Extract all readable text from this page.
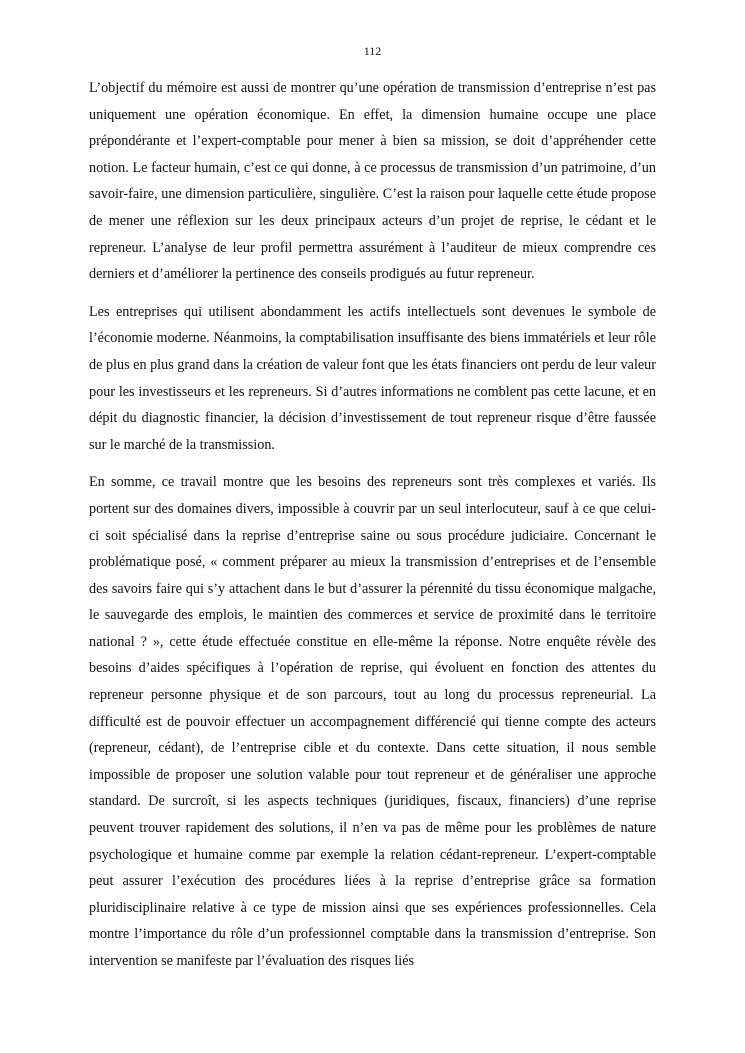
112

L’objectif du mémoire est aussi de montrer qu’une opération de transmission d’entreprise n’est pas uniquement une opération économique. En effet, la dimension humaine occupe une place prépondérante et l’expert-comptable pour mener à bien sa mission, se doit d’appréhender cette notion. Le facteur humain, c’est ce qui donne, à ce processus de transmission d’un patrimoine, d’un savoir-faire, une dimension particulière, singulière. C’est la raison pour laquelle cette étude propose de mener une réflexion sur les deux principaux acteurs d’un projet de reprise, le cédant et le repreneur. L’analyse de leur profil permettra assurément à l’auditeur de mieux comprendre ces derniers et d’améliorer la pertinence des conseils prodigués au futur repreneur.

Les entreprises qui utilisent abondamment les actifs intellectuels sont devenues le symbole de l’économie moderne. Néanmoins, la comptabilisation insuffisante des biens immatériels et leur rôle de plus en plus grand dans la création de valeur font que les états financiers ont perdu de leur valeur pour les investisseurs et les repreneurs. Si d’autres informations ne comblent pas cette lacune, et en dépit du diagnostic financier, la décision d’investissement de tout repreneur risque d’être faussée sur le marché de la transmission.

En somme, ce travail montre que les besoins des repreneurs sont très complexes et variés. Ils portent sur des domaines divers, impossible à couvrir par un seul interlocuteur, sauf à ce que celui-ci soit spécialisé dans la reprise d’entreprise saine ou sous procédure judiciaire. Concernant le problématique posé, « comment préparer au mieux la transmission d’entreprises et de l’ensemble des savoirs faire qui s’y attachent dans le but d’assurer la pérennité du tissu économique malgache, le sauvegarde des emplois, le maintien des commerces et service de proximité dans le territoire national ? », cette étude effectuée constitue en elle-même la réponse. Notre enquête révèle des besoins d’aides spécifiques à l’opération de reprise, qui évoluent en fonction des attentes du repreneur personne physique et de son parcours, tout au long du processus repreneurial. La difficulté est de pouvoir effectuer un accompagnement différencié qui tienne compte des acteurs (repreneur, cédant), de l’entreprise cible et du contexte. Dans cette situation, il nous semble impossible de proposer une solution valable pour tout repreneur et de généraliser une approche standard. De surcroît, si les aspects techniques (juridiques, fiscaux, financiers) d’une reprise peuvent trouver rapidement des solutions, il n’en va pas de même pour les problèmes de nature psychologique et humaine comme par exemple la relation cédant-repreneur. L’expert-comptable peut assurer l’exécution des procédures liées à la reprise d’entreprise grâce sa formation pluridisciplinaire relative à ce type de mission ainsi que ses expériences professionnelles. Cela montre l’importance du rôle d’un professionnel comptable dans la transmission d’entreprise. Son intervention se manifeste par l’évaluation des risques liés
